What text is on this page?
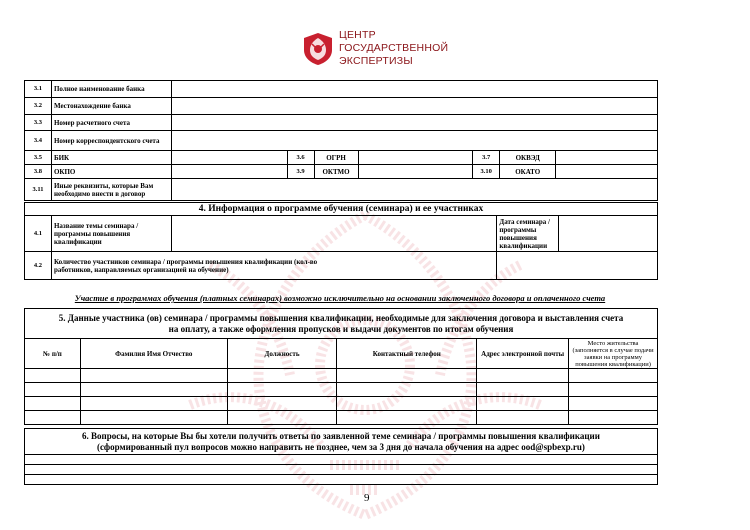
ЦЕНТР
ГОСУДАРСТВЕННОЙ
ЭКСПЕРТИЗЫ
3.1	Полное наименование банка							
3.2	Местонахождение банка							
3.3	Номер расчетного счета							
3.4	Номер корреспондентского счета							
3.5	БИК		3.6	ОГРН		3.7	ОКВЭД	
3.8	ОКПО		3.9	ОКТМО		3.10	ОКАТО	
3.11	Иные реквизиты, которые Вам необходимо внести в договор							
4. Информация о программе обучения (семинара) и ее участниках				
4.1	Название темы семинара / программы повышения квалификации		Дата семинара / программы повышения квалификации	
4.2	Количество участников семинара / программы повышения квалификации (кол-во работников, направляемых организацией на обучение)			

Участие в программах обучения (платных семинарах) возможно исключительно на основании заключенного договора и оплаченного счета
5. Данные участника (ов) семинара / программы повышения квалификации, необходимые для заключения договора и выставления счета
на оплату, а также оформления пропусков и выдачи документов по итогам обучения					

№ п/п	Фамилия Имя Отчество	Должность	Контактный телефон	Адрес электронной почты	Место жительства (заполняется в случае подачи заявки на программу повышения квалификации)

6. Вопросы, на которые Вы бы хотели получить ответы по заявленной теме семинара / программы повышения квалификации
(сформированный пул вопросов можно направить не позднее, чем за 3 дня до начала обучения на адрес ood@spbexp.ru)

9
